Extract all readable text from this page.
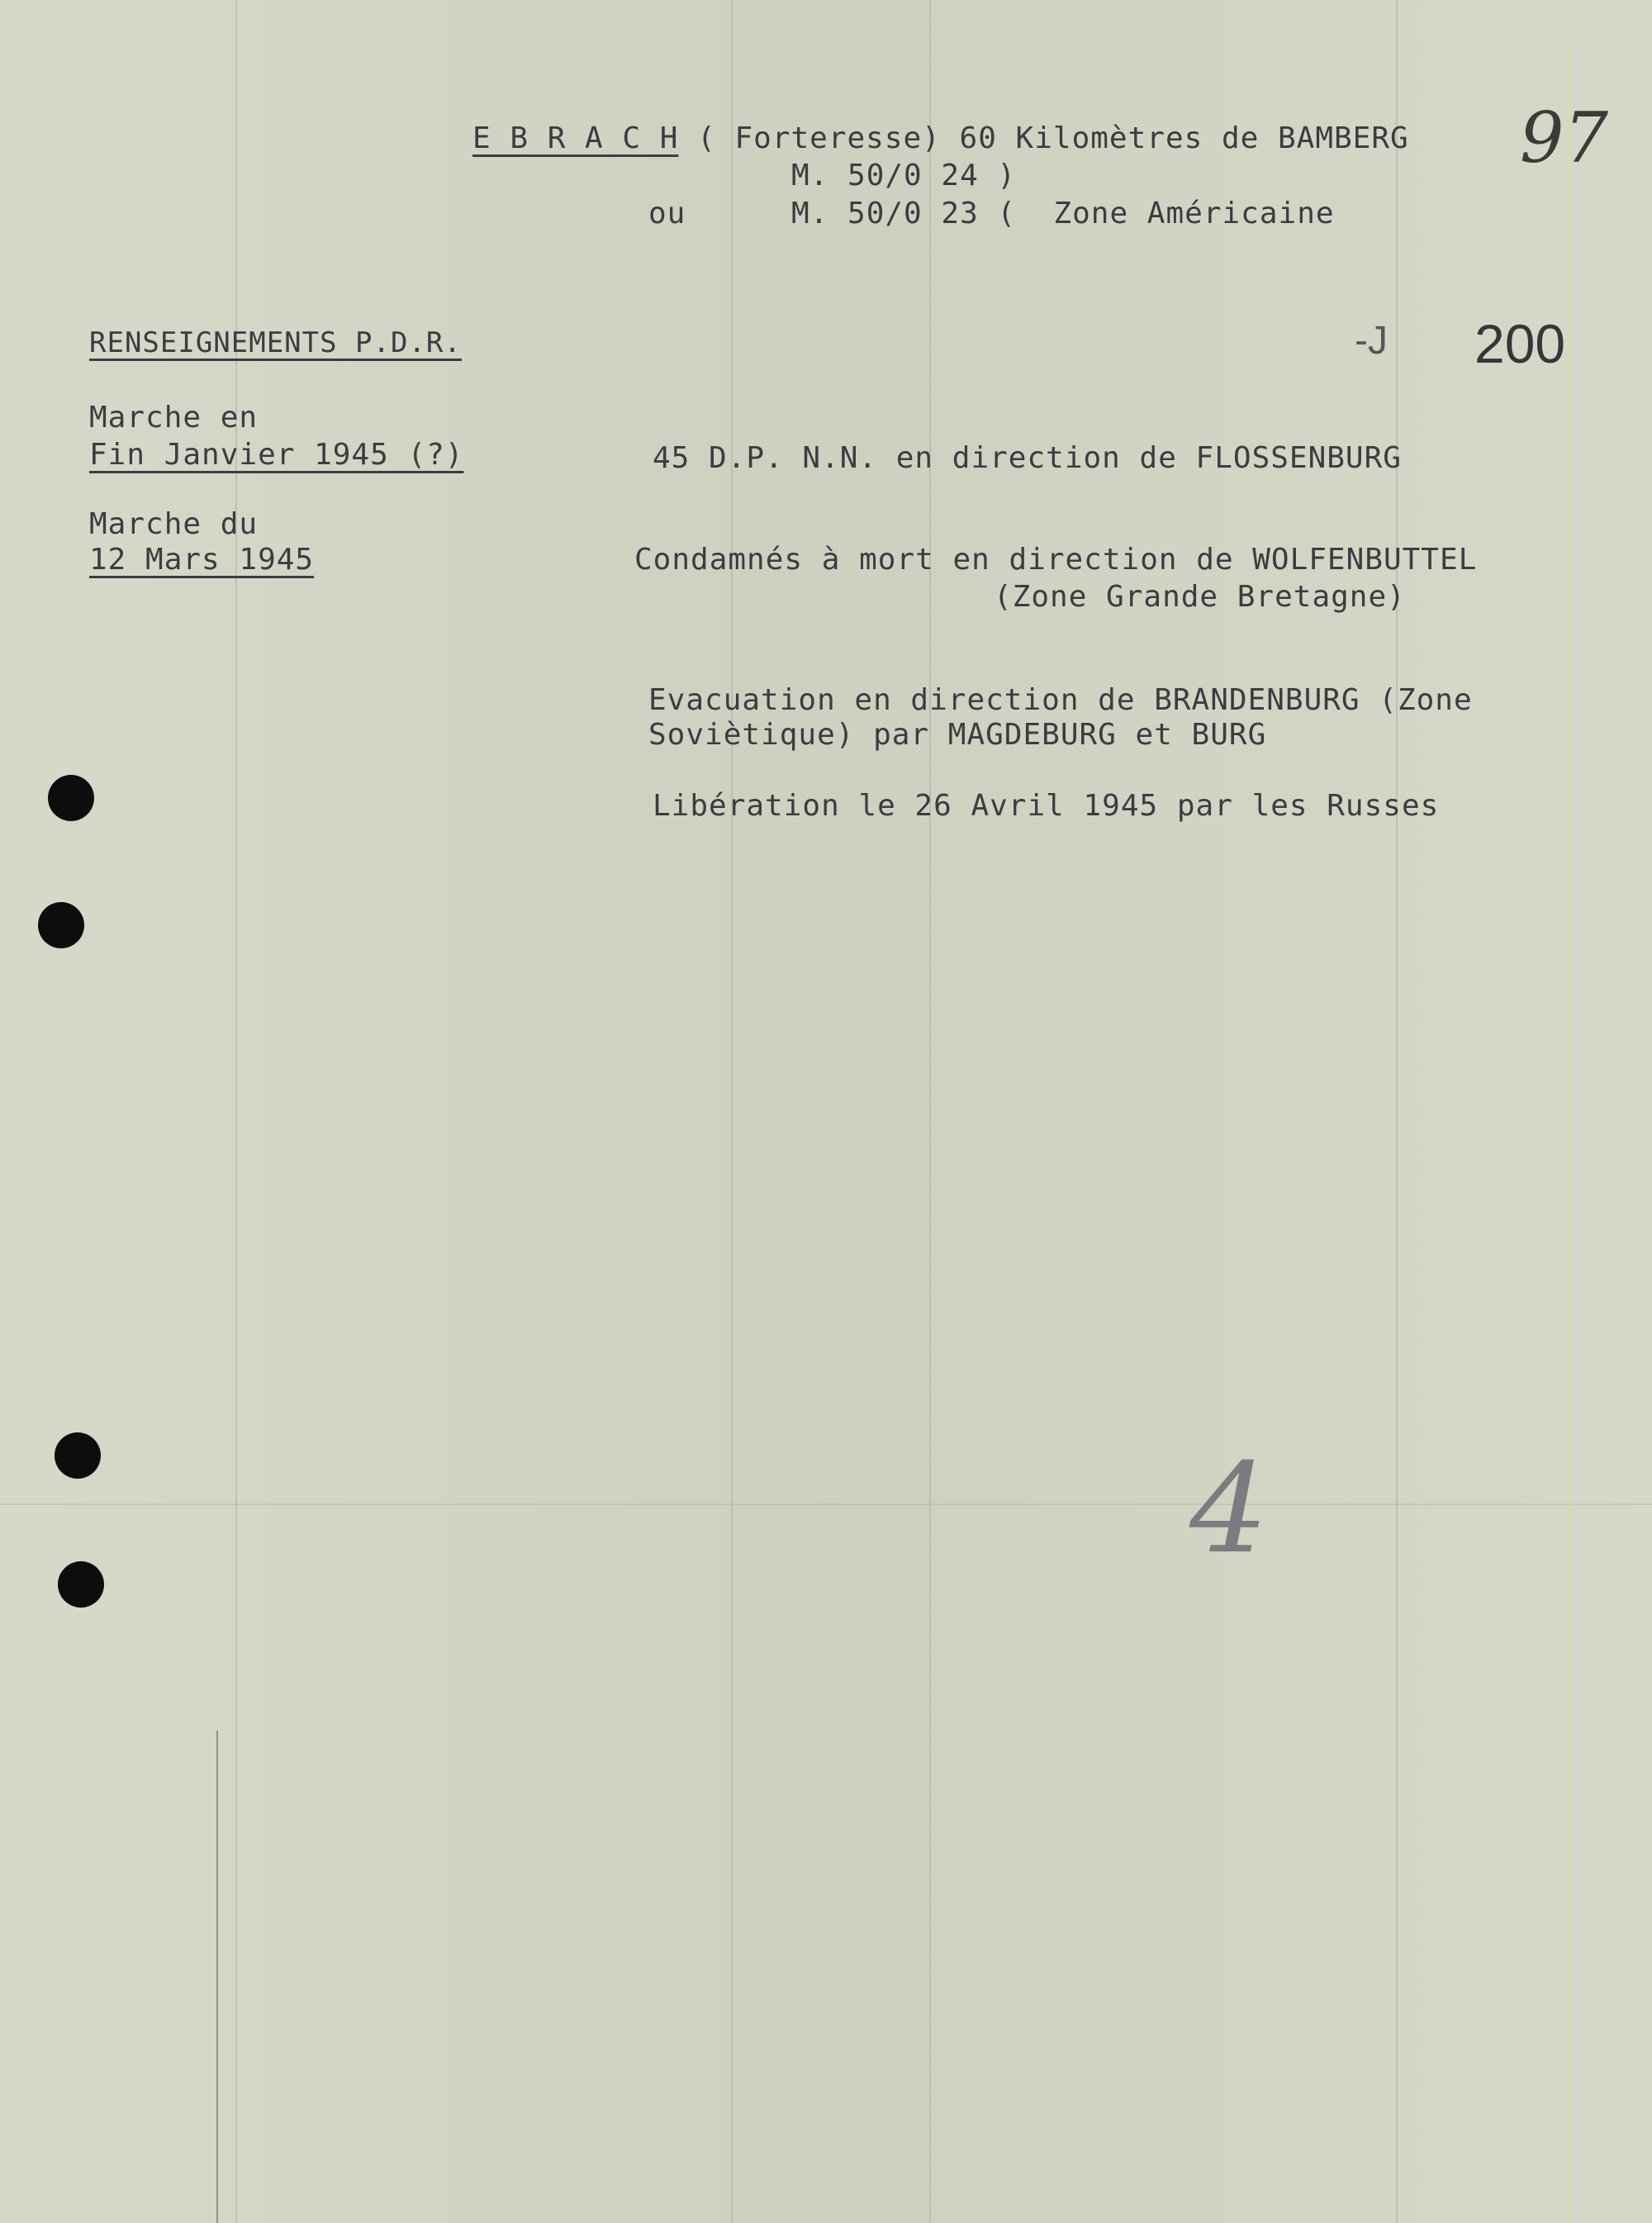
E B R A C H ( Forteresse) 60 Kilomètres de BAMBERG
M. 50/0 24 )
ou	M. 50/0 23 (  Zone Américaine
97
-J 200
RENSEIGNEMENTS P.D.R.
Marche en
Fin Janvier 1945 (?)	45 D.P. N.N. en direction de FLOSSENBURG
Marche du
12 Mars 1945	Condamnés à mort en direction de WOLFENBUTTEL
(Zone Grande Bretagne)
Evacuation en direction de BRANDENBURG (Zone
Soviètique) par MAGDEBURG et BURG
Libération le 26 Avril 1945 par les Russes
4
